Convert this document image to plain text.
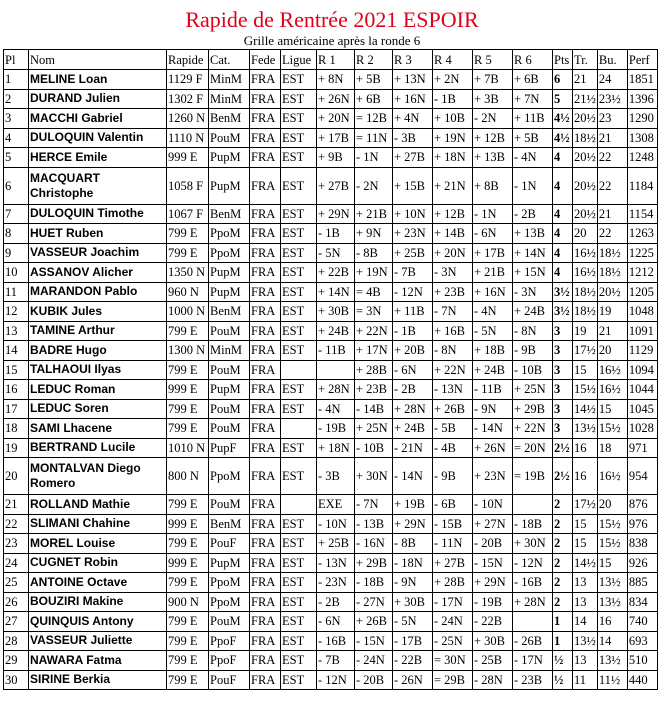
Rapide de Rentrée 2021 ESPOIR
Grille américaine après la ronde 6
Pl	Nom	Rapide	Cat.	Fede	Ligue	R 1	R 2	R 3	R 4	R 5	R 6	Pts	Tr.	Bu.	Perf
1	MELINE Loan	1129 F	MinM	FRA	EST	+ 8N	+ 5B	+ 13N	+ 2N	+ 7B	+ 6B	6	21	24	1851
2	DURAND Julien	1302 F	MinM	FRA	EST	+ 26N	+ 6B	+ 16N	- 1B	+ 3B	+ 7N	5	21½	23½	1396
3	MACCHI Gabriel	1260 N	BenM	FRA	EST	+ 20N	= 12B	+ 4N	+ 10B	- 2N	+ 11B	4½	20½	23	1290
4	DULOQUIN Valentin	1110 N	PouM	FRA	EST	+ 17B	= 11N	- 3B	+ 19N	+ 12B	+ 5B	4½	18½	21	1308
5	HERCE Emile	999 E	PupM	FRA	EST	+ 9B	- 1N	+ 27B	+ 18N	+ 13B	- 4N	4	20½	22	1248
6	MACQUART Christophe	1058 F	PupM	FRA	EST	+ 27B	- 2N	+ 15B	+ 21N	+ 8B	- 1N	4	20½	22	1184
7	DULOQUIN Timothe	1067 F	BenM	FRA	EST	+ 29N	+ 21B	+ 10N	+ 12B	- 1N	- 2B	4	20½	21	1154
8	HUET Ruben	799 E	PpoM	FRA	EST	- 1B	+ 9N	+ 23N	+ 14B	- 6N	+ 13B	4	20	22	1263
9	VASSEUR Joachim	799 E	PpoM	FRA	EST	- 5N	- 8B	+ 25B	+ 20N	+ 17B	+ 14N	4	16½	18½	1225
10	ASSANOV Alicher	1350 N	PupM	FRA	EST	+ 22B	+ 19N	- 7B	- 3N	+ 21B	+ 15N	4	16½	18½	1212
11	MARANDON Pablo	960 N	PupM	FRA	EST	+ 14N	= 4B	- 12N	+ 23B	+ 16N	- 3N	3½	18½	20½	1205
12	KUBIK Jules	1000 N	BenM	FRA	EST	+ 30B	= 3N	+ 11B	- 7N	- 4N	+ 24B	3½	18½	19	1048
13	TAMINE Arthur	799 E	PouM	FRA	EST	+ 24B	+ 22N	- 1B	+ 16B	- 5N	- 8N	3	19	21	1091
14	BADRE Hugo	1300 N	MinM	FRA	EST	- 11B	+ 17N	+ 20B	- 8N	+ 18B	- 9B	3	17½	20	1129
15	TALHAOUI Ilyas	799 E	PouM	FRA			+ 28B	- 6N	+ 22N	+ 24B	- 10B	3	15	16½	1094
16	LEDUC Roman	999 E	PupM	FRA	EST	+ 28N	+ 23B	- 2B	- 13N	- 11B	+ 25N	3	15½	16½	1044
17	LEDUC Soren	799 E	PouM	FRA	EST	- 4N	- 14B	+ 28N	+ 26B	- 9N	+ 29B	3	14½	15	1045
18	SAMI Lhacene	799 E	PouM	FRA		- 19B	+ 25N	+ 24B	- 5B	- 14N	+ 22N	3	13½	15½	1028
19	BERTRAND Lucile	1010 N	PupF	FRA	EST	+ 18N	- 10B	- 21N	- 4B	+ 26N	= 20N	2½	16	18	971
20	MONTALVAN Diego Romero	800 N	PpoM	FRA	EST	- 3B	+ 30N	- 14N	- 9B	+ 23N	= 19B	2½	16	16½	954
21	ROLLAND Mathie	799 E	PouM	FRA		EXE	- 7N	+ 19B	- 6B	- 10N		2	17½	20	876
22	SLIMANI Chahine	999 E	BenM	FRA	EST	- 10N	- 13B	+ 29N	- 15B	+ 27N	- 18B	2	15	15½	976
23	MOREL Louise	799 E	PouF	FRA	EST	+ 25B	- 16N	- 8B	- 11N	- 20B	+ 30N	2	15	15½	838
24	CUGNET Robin	999 E	PupM	FRA	EST	- 13N	+ 29B	- 18N	+ 27B	- 15N	- 12N	2	14½	15	926
25	ANTOINE Octave	799 E	PpoM	FRA	EST	- 23N	- 18B	- 9N	+ 28B	+ 29N	- 16B	2	13	13½	885
26	BOUZIRI Makine	900 N	PpoM	FRA	EST	- 2B	- 27N	+ 30B	- 17N	- 19B	+ 28N	2	13	13½	834
27	QUINQUIS Antony	799 E	PouM	FRA	EST	- 6N	+ 26B	- 5N	- 24N	- 22B		1	14	16	740
28	VASSEUR Juliette	799 E	PpoF	FRA	EST	- 16B	- 15N	- 17B	- 25N	+ 30B	- 26B	1	13½	14	693
29	NAWARA Fatma	799 E	PpoF	FRA	EST	- 7B	- 24N	- 22B	= 30N	- 25B	- 17N	½	13	13½	510
30	SIRINE Berkia	799 E	PouF	FRA	EST	- 12N	- 20B	- 26N	= 29B	- 28N	- 23B	½	11	11½	440
